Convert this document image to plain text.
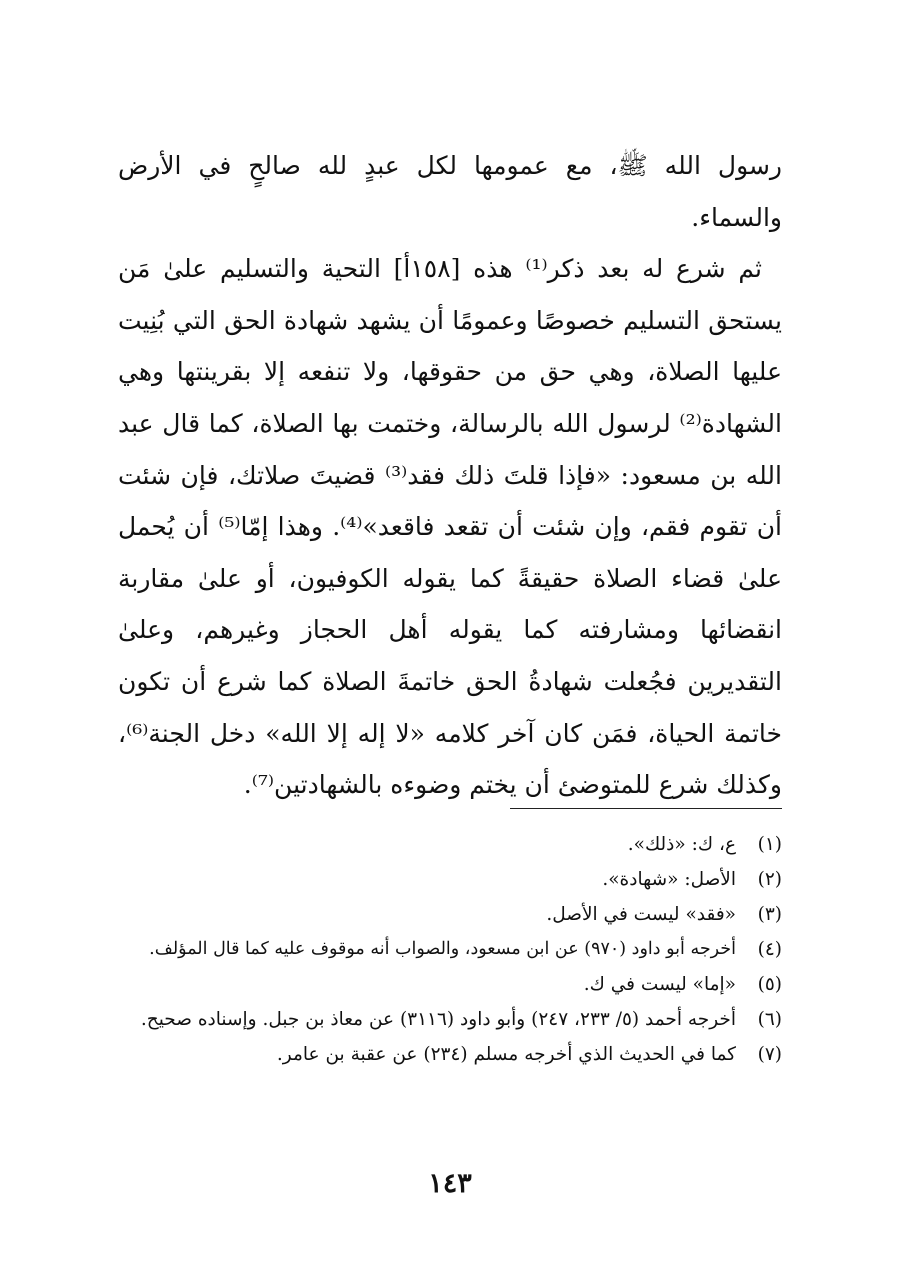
رسول الله ﷺ، مع عمومها لكل عبدٍ لله صالحٍ في الأرض والسماء.

ثم شرع له بعد ذكر⁽¹⁾ هذه [١٥٨أ] التحية والتسليم علىٰ مَن يستحق التسليم خصوصًا وعمومًا أن يشهد شهادة الحق التي بُنِيت عليها الصلاة، وهي حق من حقوقها، ولا تنفعه إلا بقرينتها وهي الشهادة⁽²⁾ لرسول الله بالرسالة، وختمت بها الصلاة، كما قال عبد الله بن مسعود: «فإذا قلتَ ذلك فقد⁽³⁾ قضيتَ صلاتك، فإن شئت أن تقوم فقم، وإن شئت أن تقعد فاقعد»⁽⁴⁾. وهذا إمّا⁽⁵⁾ أن يُحمل علىٰ قضاء الصلاة حقيقةً كما يقوله الكوفيون، أو علىٰ مقاربة انقضائها ومشارفته كما يقوله أهل الحجاز وغيرهم، وعلىٰ التقديرين فجُعلت شهادةُ الحق خاتمةَ الصلاة كما شرع أن تكون خاتمة الحياة، فمَن كان آخر كلامه «لا إله إلا الله» دخل الجنة⁽⁶⁾، وكذلك شرع للمتوضئ أن يختم وضوءه بالشهادتين⁽⁷⁾.

(١)
ع، ك: «ذلك».
(٢)
الأصل: «شهادة».
(٣)
«فقد» ليست في الأصل.
(٤)
أخرجه أبو داود (٩٧٠) عن ابن مسعود، والصواب أنه موقوف عليه كما قال المؤلف.
(٥)
«إما» ليست في ك.
(٦)
أخرجه أحمد (٥/ ٢٣٣، ٢٤٧) وأبو داود (٣١١٦) عن معاذ بن جبل. وإسناده صحيح.
(٧)
كما في الحديث الذي أخرجه مسلم (٢٣٤) عن عقبة بن عامر.
١٤٣
